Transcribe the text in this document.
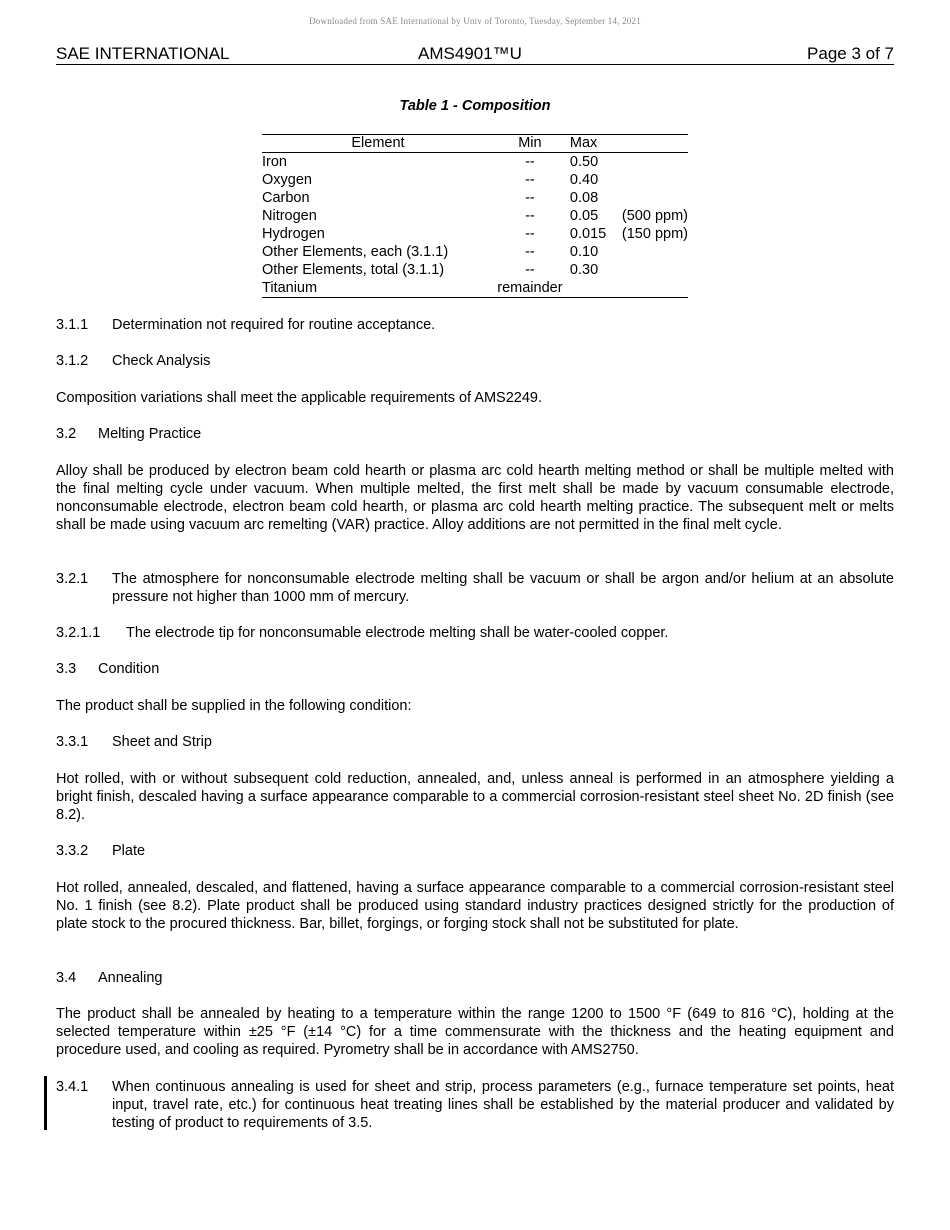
Downloaded from SAE International by Univ of Toronto, Tuesday, September 14, 2021
SAE INTERNATIONAL	AMS4901™U	Page 3 of 7
Table 1 - Composition
Element	Min	Max	
Iron	--	0.50	
Oxygen	--	0.40	
Carbon	--	0.08	
Nitrogen	--	0.05	(500 ppm)
Hydrogen	--	0.015	(150 ppm)
Other Elements, each (3.1.1)	--	0.10	
Other Elements, total (3.1.1)	--	0.30	
Titanium	remainder		
3.1.1 Determination not required for routine acceptance.
3.1.2 Check Analysis
Composition variations shall meet the applicable requirements of AMS2249.
3.2 Melting Practice
Alloy shall be produced by electron beam cold hearth or plasma arc cold hearth melting method or shall be multiple melted with the final melting cycle under vacuum. When multiple melted, the first melt shall be made by vacuum consumable electrode, nonconsumable electrode, electron beam cold hearth, or plasma arc cold hearth melting practice. The subsequent melt or melts shall be made using vacuum arc remelting (VAR) practice. Alloy additions are not permitted in the final melt cycle.
3.2.1	The atmosphere for nonconsumable electrode melting shall be vacuum or shall be argon and/or helium at an absolute pressure not higher than 1000 mm of mercury.
3.2.1.1 The electrode tip for nonconsumable electrode melting shall be water-cooled copper.
3.3 Condition
The product shall be supplied in the following condition:
3.3.1 Sheet and Strip
Hot rolled, with or without subsequent cold reduction, annealed, and, unless anneal is performed in an atmosphere yielding a bright finish, descaled having a surface appearance comparable to a commercial corrosion-resistant steel sheet No. 2D finish (see 8.2).
3.3.2 Plate
Hot rolled, annealed, descaled, and flattened, having a surface appearance comparable to a commercial corrosion-resistant steel No. 1 finish (see 8.2). Plate product shall be produced using standard industry practices designed strictly for the production of plate stock to the procured thickness. Bar, billet, forgings, or forging stock shall not be substituted for plate.
3.4 Annealing
The product shall be annealed by heating to a temperature within the range 1200 to 1500 °F (649 to 816 °C), holding at the selected temperature within ±25 °F (±14 °C) for a time commensurate with the thickness and the heating equipment and procedure used, and cooling as required. Pyrometry shall be in accordance with AMS2750.
3.4.1	When continuous annealing is used for sheet and strip, process parameters (e.g., furnace temperature set points, heat input, travel rate, etc.) for continuous heat treating lines shall be established by the material producer and validated by testing of product to requirements of 3.5.
